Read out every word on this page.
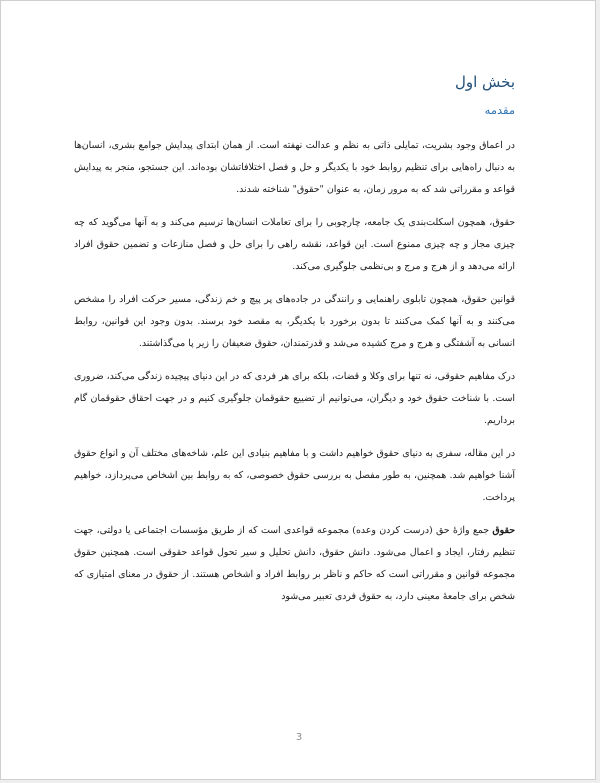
بخش اول
مقدمه

در اعماق وجود بشریت، تمایلی ذاتی به نظم و عدالت نهفته است. از همان ابتدای پیدایش جوامع بشری، انسان‌ها به دنبال راه‌هایی برای تنظیم روابط خود با یکدیگر و حل و فصل اختلافاتشان بوده‌اند. این جستجو، منجر به پیدایش قواعد و مقرراتی شد که به مرور زمان، به عنوان "حقوق" شناخته شدند.

حقوق، همچون اسکلت‌بندی یک جامعه، چارچوبی را برای تعاملات انسان‌ها ترسیم می‌کند و به آنها می‌گوید که چه چیزی مجاز و چه چیزی ممنوع است. این قواعد، نقشه راهی را برای حل و فصل منازعات و تضمین حقوق افراد ارائه می‌دهد و از هرج و مرج و بی‌نظمی جلوگیری می‌کند.

قوانین حقوق، همچون تابلوی راهنمایی و رانندگی در جاده‌های پر پیچ و خم زندگی، مسیر حرکت افراد را مشخص می‌کنند و به آنها کمک می‌کنند تا بدون برخورد با یکدیگر، به مقصد خود برسند. بدون وجود این قوانین، روابط انسانی به آشفتگی و هرج و مرج کشیده می‌شد و قدرتمندان، حقوق ضعیفان را زیر پا می‌گذاشتند.

درک مفاهیم حقوقی، نه تنها برای وکلا و قضات، بلکه برای هر فردی که در این دنیای پیچیده زندگی می‌کند، ضروری است. با شناخت حقوق خود و دیگران، می‌توانیم از تضییع حقوقمان جلوگیری کنیم و در جهت احقاق حقوقمان گام برداریم.

در این مقاله، سفری به دنیای حقوق خواهیم داشت و با مفاهیم بنیادی این علم، شاخه‌های مختلف آن و انواع حقوق آشنا خواهیم شد. همچنین، به طور مفصل به بررسی حقوق خصوصی، که به روابط بین اشخاص می‌پردازد، خواهیم پرداخت.

حقوق جمع واژهٔ حق (درست کردن وعده) مجموعه قواعدی است که از طریق مؤسسات اجتماعی یا دولتی، جهت تنظیم رفتار، ایجاد و اعمال می‌شود. دانش حقوق، دانش تحلیل و سیر تحول قواعد حقوقی است. همچنین حقوق مجموعه قوانین و مقرراتی است که حاکم و ناظر بر روابط افراد و اشخاص هستند. از حقوق در معنای امتیازی که شخص برای جامعهٔ معینی دارد، به حقوق فردی تعبیر می‌شود

3
